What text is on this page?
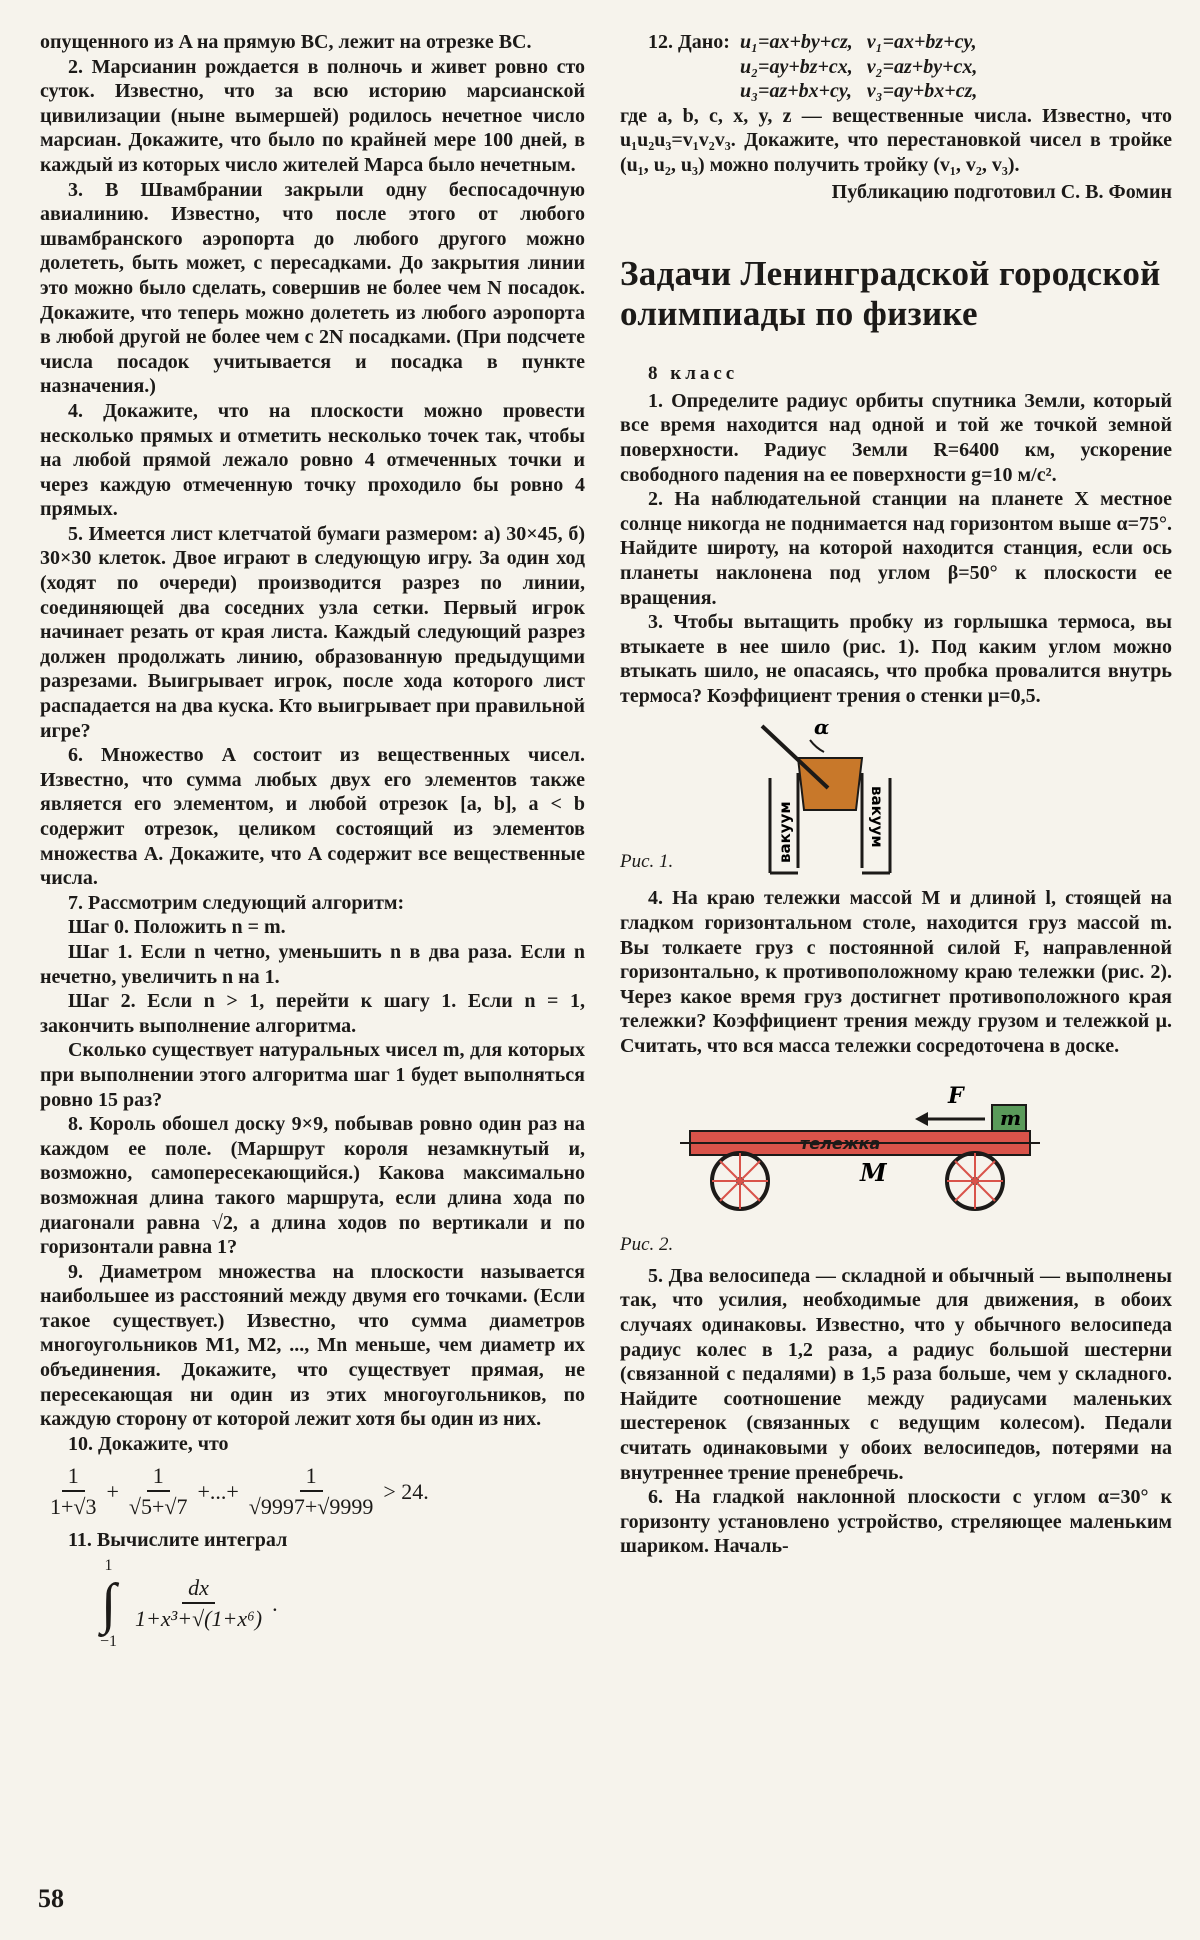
опущенного из A на прямую BC, лежит на отрезке BC.

2. Марсианин рождается в полночь и живет ровно сто суток. Известно, что за всю историю марсианской цивилизации (ныне вымершей) родилось нечетное число марсиан. Докажите, что было по крайней мере 100 дней, в каждый из которых число жителей Марса было нечетным.

3. В Швамбрании закрыли одну беспосадочную авиалинию. Известно, что после этого от любого швамбранского аэропорта до любого другого можно долететь, быть может, с пересадками. До закрытия линии это можно было сделать, совершив не более чем N посадок. Докажите, что теперь можно долететь из любого аэропорта в любой другой не более чем с 2N посадками. (При подсчете числа посадок учитывается и посадка в пункте назначения.)

4. Докажите, что на плоскости можно провести несколько прямых и отметить несколько точек так, чтобы на любой прямой лежало ровно 4 отмеченных точки и через каждую отмеченную точку проходило бы ровно 4 прямых.

5. Имеется лист клетчатой бумаги размером: а) 30×45, б) 30×30 клеток. Двое играют в следующую игру. За один ход (ходят по очереди) производится разрез по линии, соединяющей два соседних узла сетки. Первый игрок начинает резать от края листа. Каждый следующий разрез должен продолжать линию, образованную предыдущими разрезами. Выигрывает игрок, после хода которого лист распадается на два куска. Кто выигрывает при правильной игре?

6. Множество A состоит из вещественных чисел. Известно, что сумма любых двух его элементов также является его элементом, и любой отрезок [a, b], a < b содержит отрезок, целиком состоящий из элементов множества A. Докажите, что A содержит все вещественные числа.

7. Рассмотрим следующий алгоритм:

Шаг 0. Положить n = m.

Шаг 1. Если n четно, уменьшить n в два раза. Если n нечетно, увеличить n на 1.

Шаг 2. Если n > 1, перейти к шагу 1. Если n = 1, закончить выполнение алгоритма.

Сколько существует натуральных чисел m, для которых при выполнении этого алгоритма шаг 1 будет выполняться ровно 15 раз?

8. Король обошел доску 9×9, побывав ровно один раз на каждом ее поле. (Маршрут короля незамкнутый и, возможно, самопересекающийся.) Какова максимально возможная длина такого маршрута, если длина хода по диагонали равна √2, а длина ходов по вертикали и по горизонтали равна 1?

9. Диаметром множества на плоскости называется наибольшее из расстояний между двумя его точками. (Если такое существует.) Известно, что сумма диаметров многоугольников M1, M2, ..., Mn меньше, чем диаметр их объединения. Докажите, что существует прямая, не пересекающая ни один из этих многоугольников, по каждую сторону от которой лежит хотя бы один из них.

10. Докажите, что

$\frac{1}{1+√3} + \frac{1}{√5+√7}$ +...+ $\frac{1}{√9997+√9999} > 24$.

11. Вычислите интеграл

1
∫
−1
$\frac{dx}{\text{1+x³+√(1+x⁶)}}$ .
12. Дано: u₁=ax+by+cz, v₁=ax+bz+cy,
u₂=ay+bz+cx, v₂=az+by+cx,
u₃=az+bx+cy, v₃=ay+bx+cz,

где a, b, c, x, y, z — вещественные числа. Известно, что u₁u₂u₃=v₁v₂v₃. Докажите, что перестановкой чисел в тройке (u₁, u₂, u₃) можно получить тройку (v₁, v₂, v₃).

Публикацию подготовил С. В. Фомин

Задачи Ленинградской городской олимпиады по физике
8 класс

1. Определите радиус орбиты спутника Земли, который все время находится над одной и той же точкой земной поверхности. Радиус Земли R=6400 км, ускорение свободного падения на ее поверхности g=10 м/с².

2. На наблюдательной станции на планете X местное солнце никогда не поднимается над горизонтом выше α=75°. Найдите широту, на которой находится станция, если ось планеты наклонена под углом β=50° к плоскости ее вращения.

3. Чтобы вытащить пробку из горлышка термоса, вы втыкаете в нее шило (рис. 1). Под каким углом можно втыкать шило, не опасаясь, что пробка провалится внутрь термоса? Коэффициент трения о стенки μ=0,5.

Рис. 1.
α
вакуум	вакуум

4. На краю тележки массой M и длиной l, стоящей на гладком горизонтальном столе, находится груз массой m. Вы толкаете груз с постоянной силой F, направленной горизонтально, к противоположному краю тележки (рис. 2). Через какое время груз достигнет противоположного края тележки? Коэффициент трения между грузом и тележкой μ. Считать, что вся масса тележки сосредоточена в доске.

тележка
m
F
M
Рис. 2.

5. Два велосипеда — складной и обычный — выполнены так, что усилия, необходимые для движения, в обоих случаях одинаковы. Известно, что у обычного велосипеда радиус колес в 1,2 раза, а радиус большой шестерни (связанной с педалями) в 1,5 раза больше, чем у складного. Найдите соотношение между радиусами маленьких шестеренок (связанных с ведущим колесом). Педали считать одинаковыми у обоих велосипедов, потерями на внутреннее трение пренебречь.

6. На гладкой наклонной плоскости с углом α=30° к горизонту установлено устройство, стреляющее маленьким шариком. Началь-

58
